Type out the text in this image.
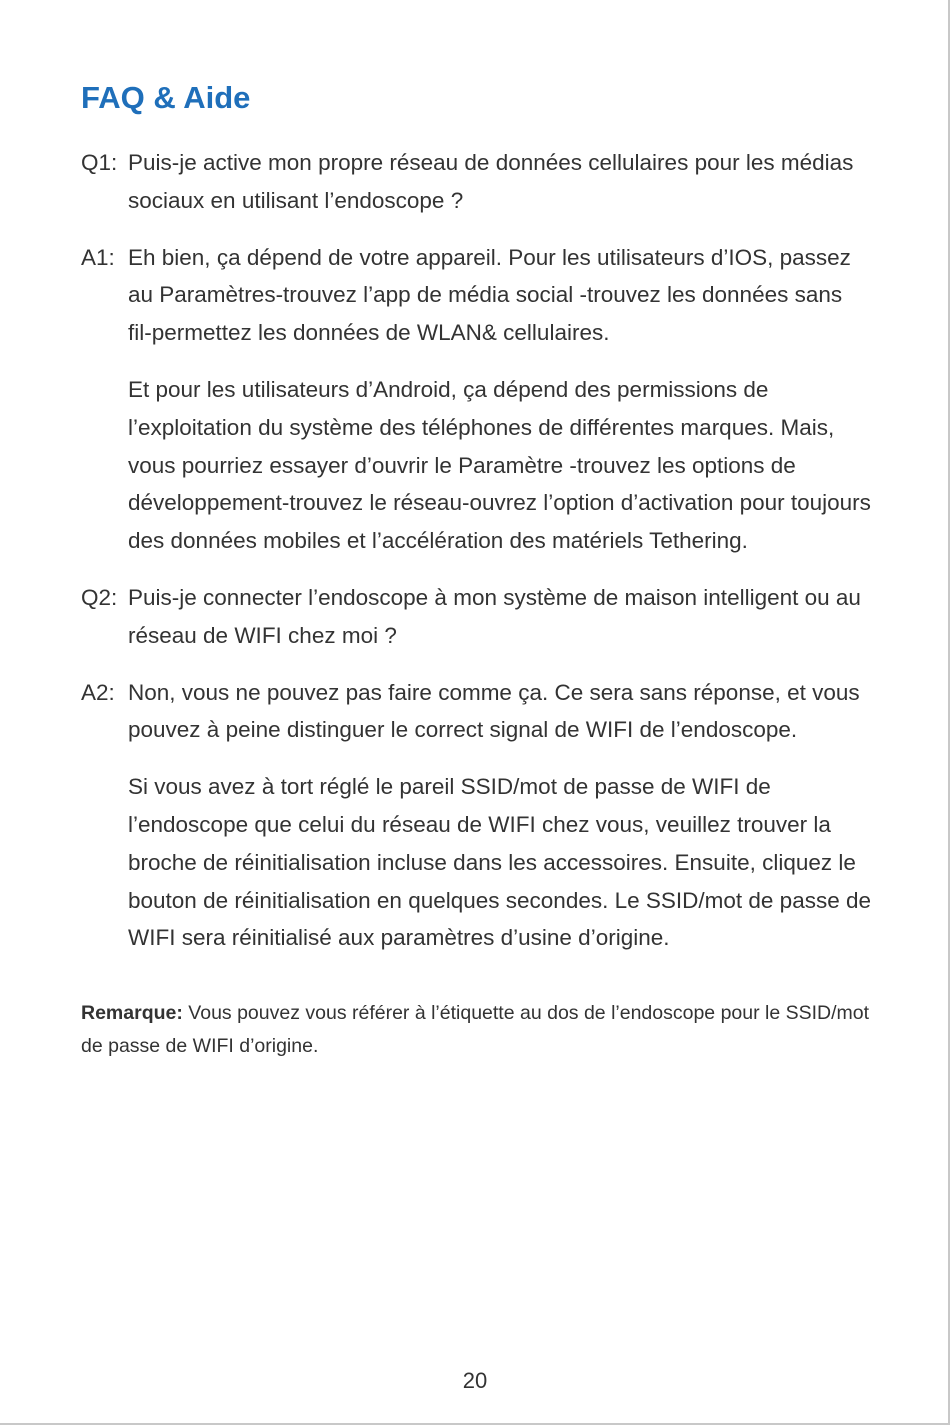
FAQ & Aide

Q1: Puis-je active mon propre réseau de données cellulaires pour les médias sociaux en utilisant l’endoscope ?

A1: Eh bien, ça dépend de votre appareil. Pour les utilisateurs d’IOS, passez au Paramètres-trouvez l’app de média social -trouvez les données sans fil-permettez les données de WLAN& cellulaires.

Et pour les utilisateurs d’Android, ça dépend des permissions de l’exploitation du système des téléphones de différentes marques. Mais, vous pourriez essayer d’ouvrir le Paramètre -trouvez les options de développement-trouvez le réseau-ouvrez l’option d’activation pour toujours des données mobiles et l’accélération des matériels Tethering.

Q2: Puis-je connecter l’endoscope à mon système de maison intelligent ou au réseau de WIFI chez moi ?

A2: Non, vous ne pouvez pas faire comme ça. Ce sera sans réponse, et vous pouvez à peine distinguer le correct signal de WIFI de l’endoscope.

Si vous avez à tort réglé le pareil SSID/mot de passe de WIFI de l’endoscope que celui du réseau de WIFI chez vous, veuillez trouver la broche de réinitialisation incluse dans les accessoires. Ensuite, cliquez le bouton de réinitialisation en quelques secondes. Le SSID/mot de passe de WIFI sera réinitialisé aux paramètres d’usine d’origine.

Remarque: Vous pouvez vous référer à l’étiquette au dos de l’endoscope pour le SSID/mot de passe de WIFI d’origine.

20
